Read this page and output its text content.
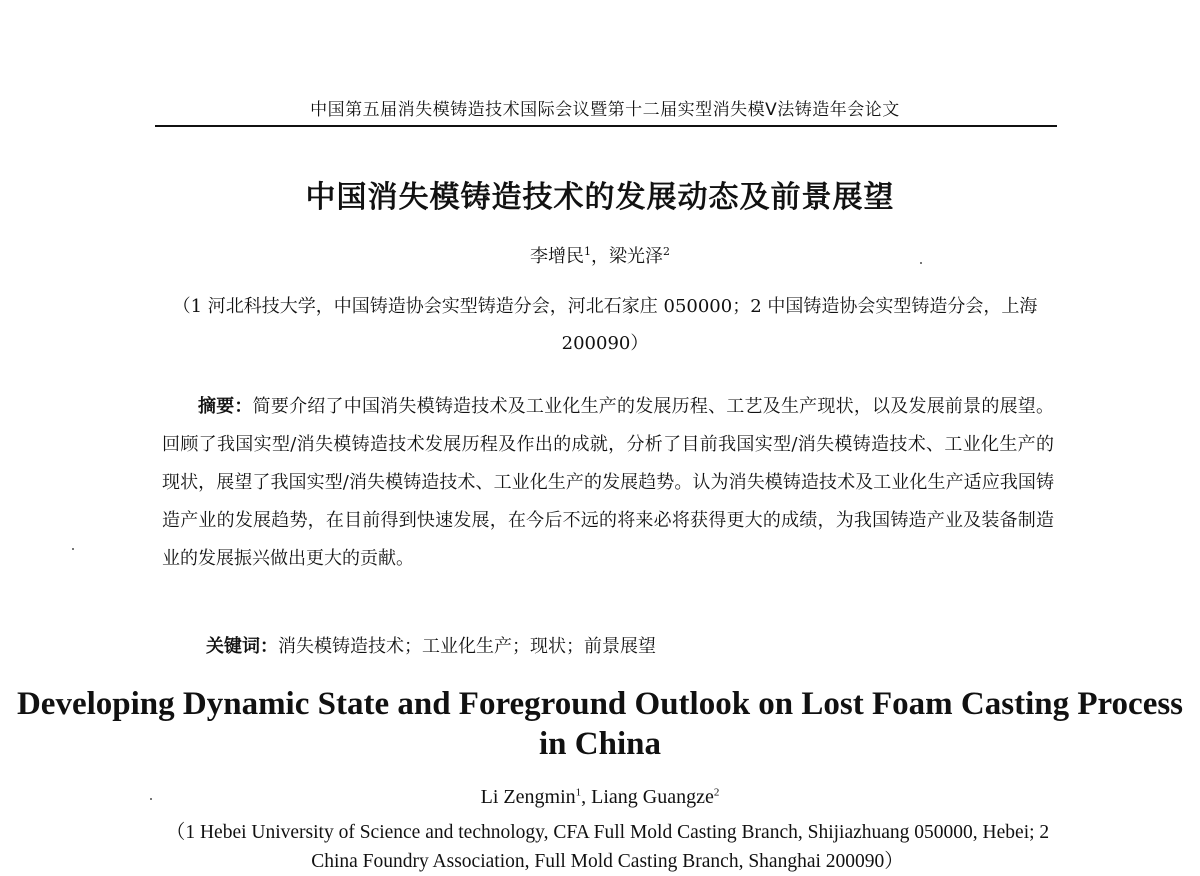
中国第五届消失模铸造技术国际会议暨第十二届实型消失模V法铸造年会论文
中国消失模铸造技术的发展动态及前景展望
李增民$^1$，梁光泽$^2$
（1 河北科技大学，中国铸造协会实型铸造分会，河北石家庄 050000；2 中国铸造协会实型铸造分会，上海 200090）
摘要：简要介绍了中国消失模铸造技术及工业化生产的发展历程、工艺及生产现状，以及发展前景的展望。回顾了我国实型/消失模铸造技术发展历程及作出的成就，分析了目前我国实型/消失模铸造技术、工业化生产的现状，展望了我国实型/消失模铸造技术、工业化生产的发展趋势。认为消失模铸造技术及工业化生产适应我国铸造产业的发展趋势，在目前得到快速发展，在今后不远的将来必将获得更大的成绩，为我国铸造产业及装备制造业的发展振兴做出更大的贡献。
关键词：消失模铸造技术；工业化生产；现状；前景展望
Developing Dynamic State and Foreground Outlook on Lost Foam Casting Process in China
Li Zengmin$^1$, Liang Guangze$^2$
（1 Hebei University of Science and technology, CFA Full Mold Casting Branch, Shijiazhuang 050000, Hebei; 2 China Foundry Association, Full Mold Casting Branch, Shanghai 200090）
